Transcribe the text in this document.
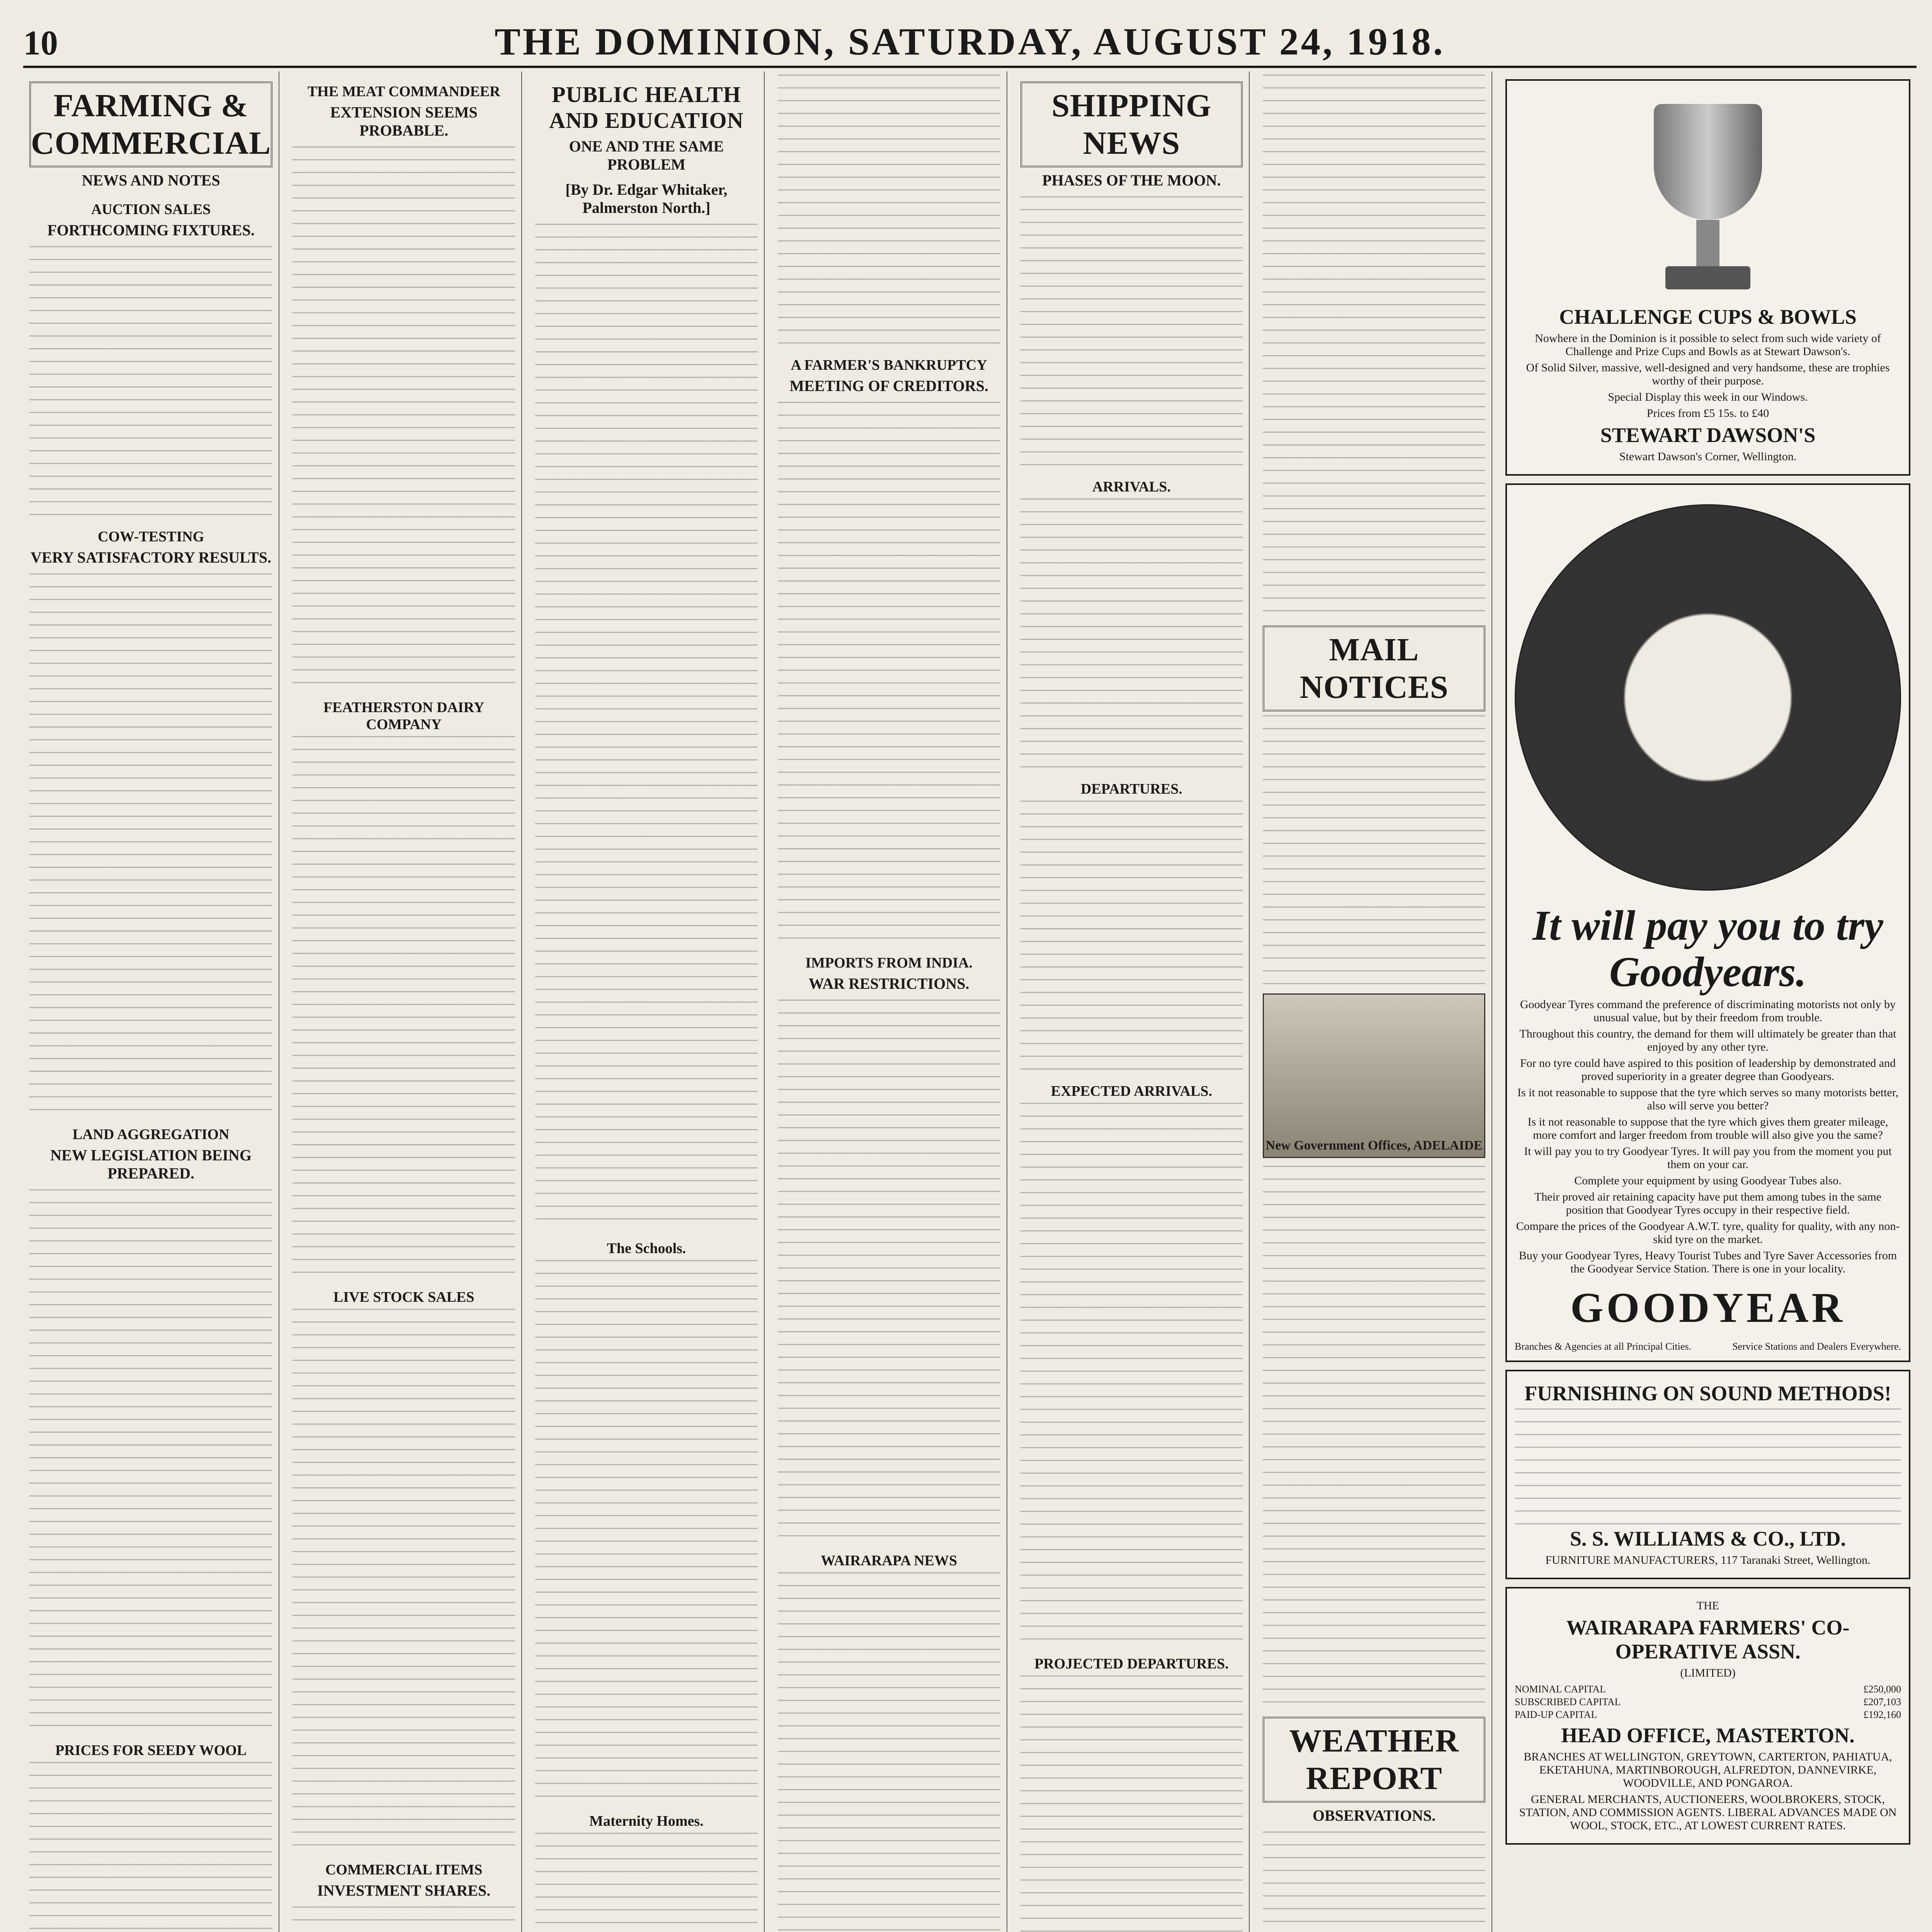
10	THE DOMINION, SATURDAY, AUGUST 24, 1918.
FARMING & COMMERCIAL
NEWS AND NOTES
AUCTION SALES
FORTHCOMING FIXTURES.
COW-TESTING
VERY SATISFACTORY RESULTS.
LAND AGGREGATION
NEW LEGISLATION BEING PREPARED.
PRICES FOR SEEDY WOOL
THE MEAT COMMANDEER
EXTENSION SEEMS PROBABLE.
FEATHERSTON DAIRY COMPANY
LIVE STOCK SALES
COMMERCIAL ITEMS
INVESTMENT SHARES.
PUBLIC HEALTH AND EDUCATION
ONE AND THE SAME PROBLEM
[By Dr. Edgar Whitaker, Palmerston North.]
The Schools.
Maternity Homes.
A FARMER'S BANKRUPTCY
MEETING OF CREDITORS.
IMPORTS FROM INDIA.
WAR RESTRICTIONS.
WAIRARAPA NEWS
SHIPPING NEWS
PHASES OF THE MOON.
ARRIVALS.
DEPARTURES.
EXPECTED ARRIVALS.
PROJECTED DEPARTURES.
MAIL NOTICES
New Government Offices, ADELAIDE
WEATHER REPORT
OBSERVATIONS.
CHALLENGE CUPS & BOWLS
Nowhere in the Dominion is it possible to select from such wide variety of Challenge and Prize Cups and Bowls as at Stewart Dawson's.
Of Solid Silver, massive, well-designed and very handsome, these are trophies worthy of their purpose.
Special Display this week in our Windows.
Prices from £5 15s. to £40
STEWART DAWSON'S
Stewart Dawson's Corner, Wellington.
It will pay you to try Goodyears.
Goodyear Tyres command the preference of discriminating motorists not only by unusual value, but by their freedom from trouble.
Throughout this country, the demand for them will ultimately be greater than that enjoyed by any other tyre.
For no tyre could have aspired to this position of leadership by demonstrated and proved superiority in a greater degree than Goodyears.
Is it not reasonable to suppose that the tyre which serves so many motorists better, also will serve you better?
Is it not reasonable to suppose that the tyre which gives them greater mileage, more comfort and larger freedom from trouble will also give you the same?
It will pay you to try Goodyear Tyres. It will pay you from the moment you put them on your car.
Complete your equipment by using Goodyear Tubes also.
Their proved air retaining capacity have put them among tubes in the same position that Goodyear Tyres occupy in their respective field.
Compare the prices of the Goodyear A.W.T. tyre, quality for quality, with any non-skid tyre on the market.
Buy your Goodyear Tyres, Heavy Tourist Tubes and Tyre Saver Accessories from the Goodyear Service Station. There is one in your locality.
GOODYEAR
Branches & Agencies at all Principal Cities.	Service Stations and Dealers Everywhere.
FURNISHING ON SOUND METHODS!
S. S. WILLIAMS & CO., LTD.
FURNITURE MANUFACTURERS, 117 Taranaki Street, Wellington.
THE
WAIRARAPA FARMERS' CO-OPERATIVE ASSN.
(LIMITED)
NOMINAL CAPITAL	£250,000
SUBSCRIBED CAPITAL	£207,103
PAID-UP CAPITAL	£192,160
HEAD OFFICE, MASTERTON.
BRANCHES AT WELLINGTON, GREYTOWN, CARTERTON, PAHIATUA, EKETAHUNA, MARTINBOROUGH, ALFREDTON, DANNEVIRKE, WOODVILLE, AND PONGAROA.
GENERAL MERCHANTS, AUCTIONEERS, WOOLBROKERS, STOCK, STATION, AND COMMISSION AGENTS. LIBERAL ADVANCES MADE ON WOOL, STOCK, ETC., AT LOWEST CURRENT RATES.
